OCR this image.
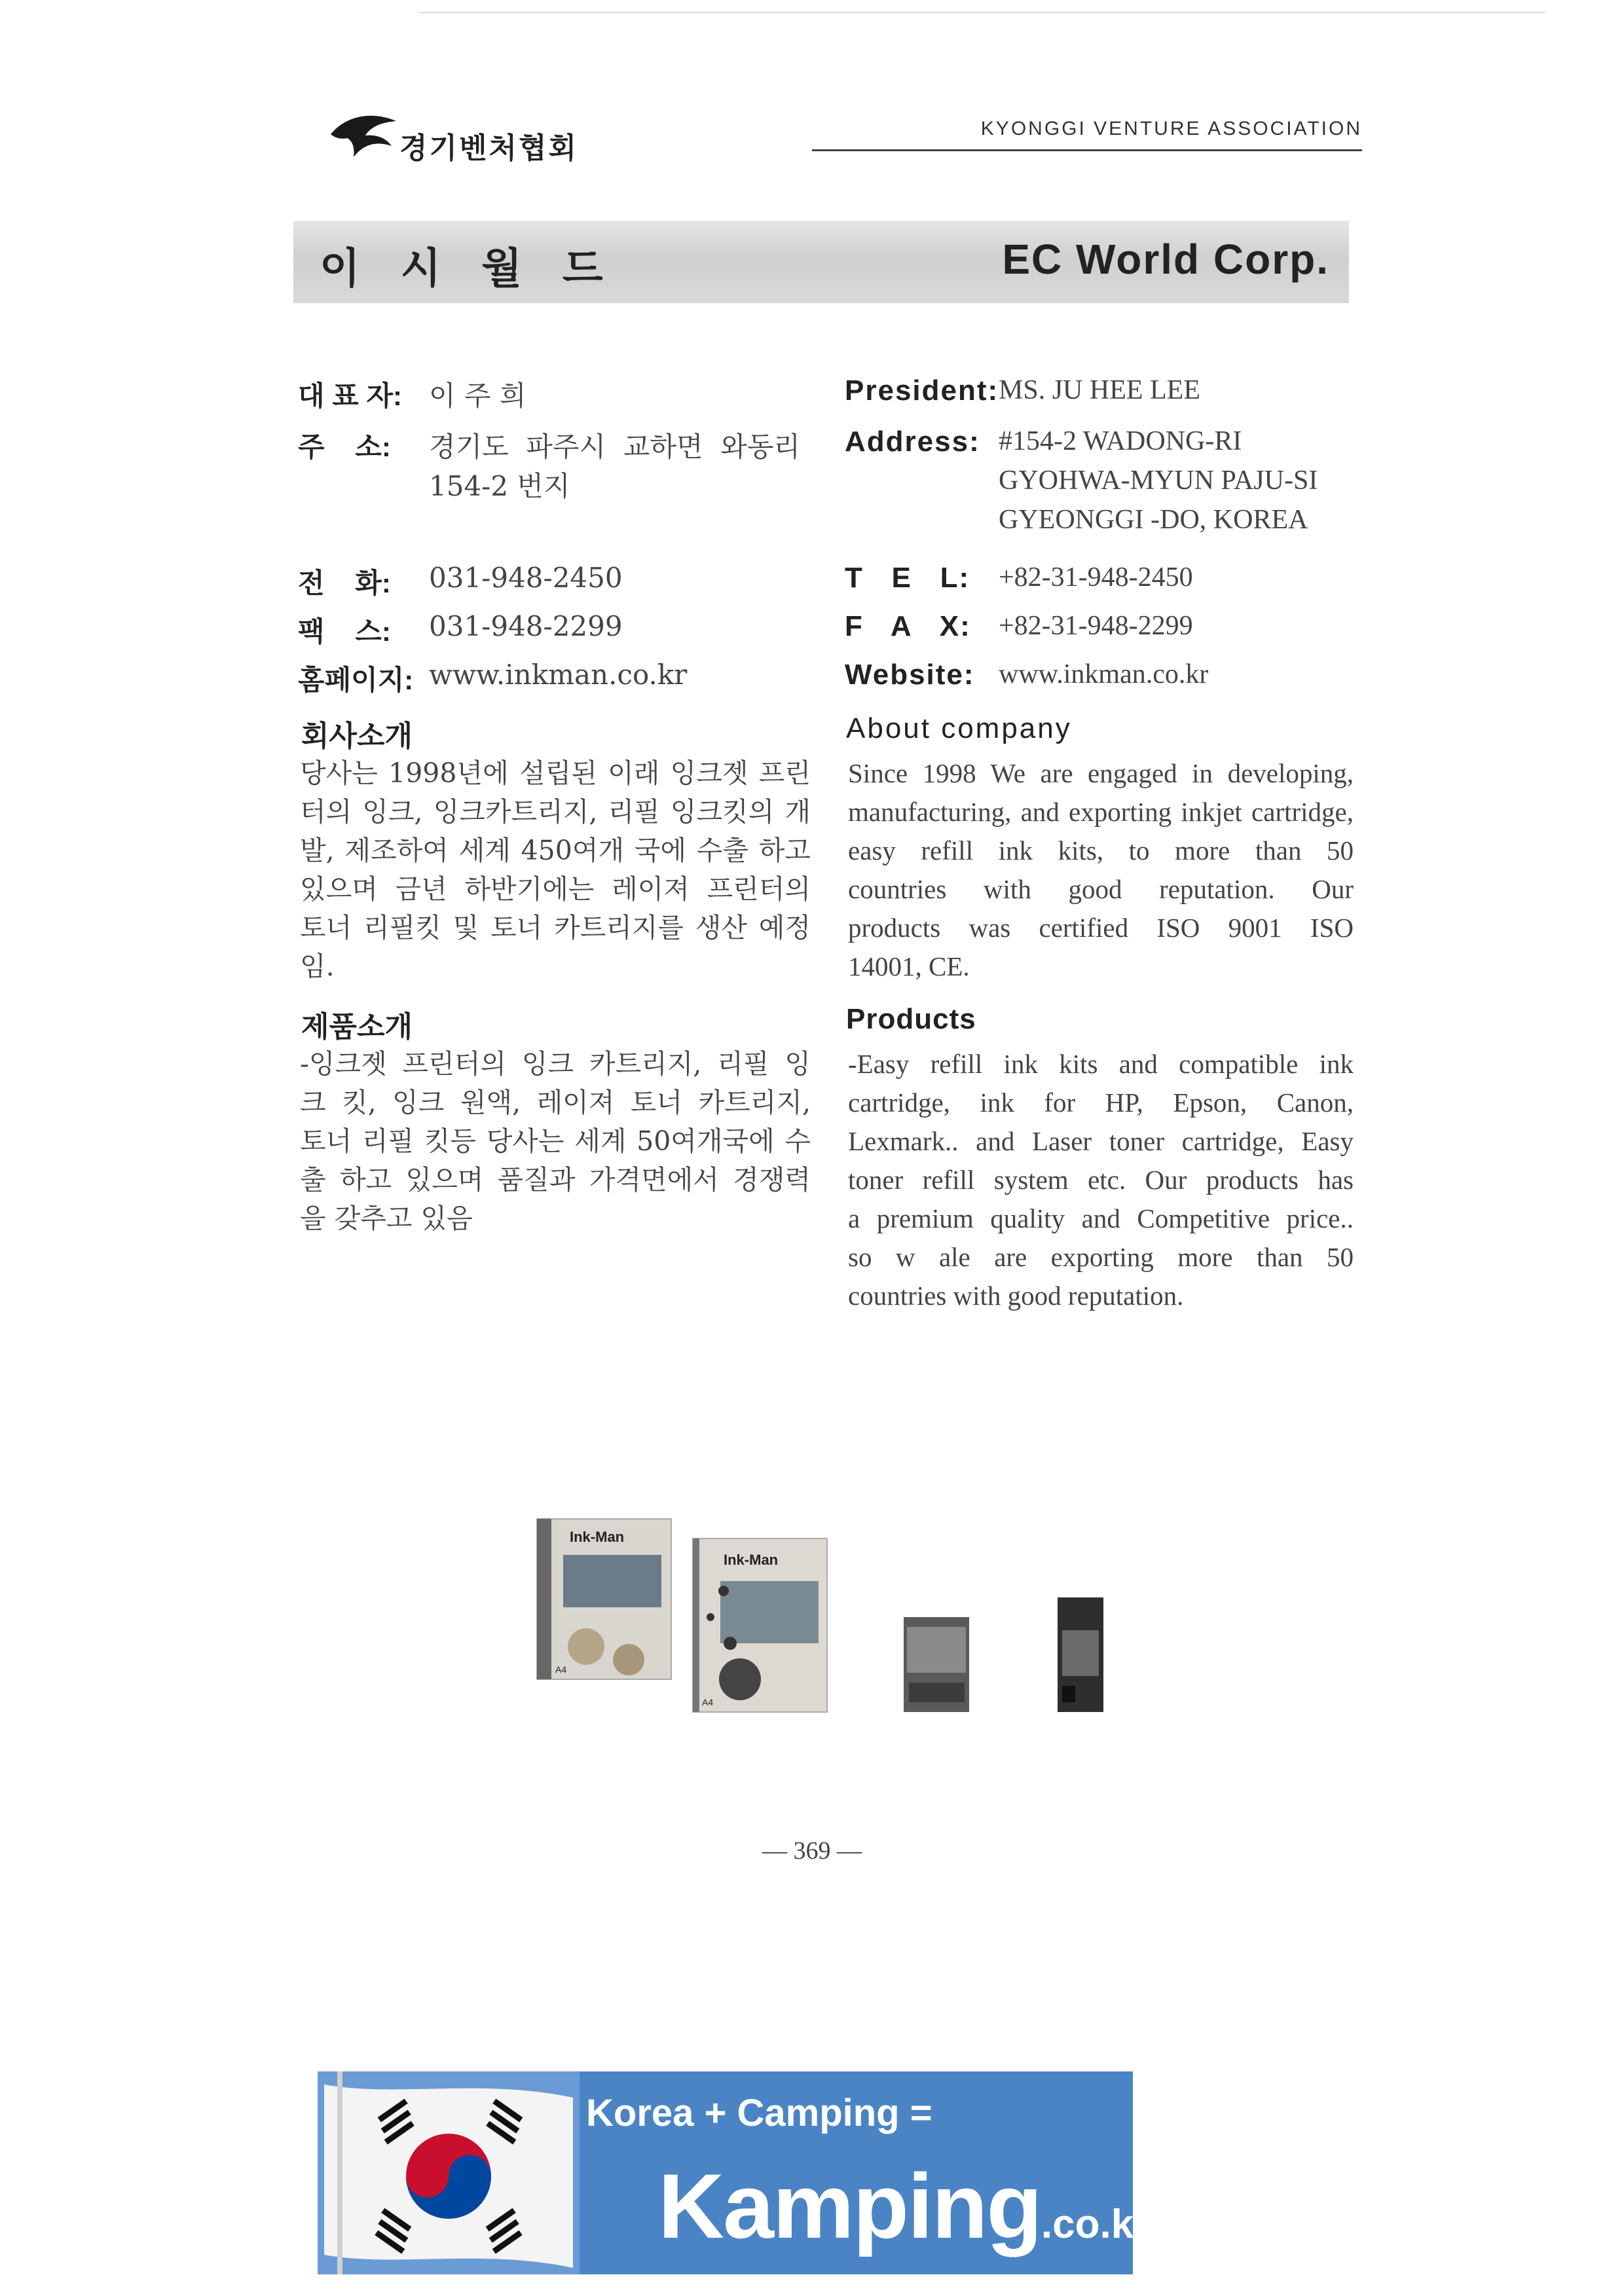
경기벤처협회
KYONGGI VENTURE ASSOCIATION
이 시 월 드	EC World Corp.
대 표 자: 이 주 희
주    소: 경기도  파주시  교하면  와동리
154-2 번지
전    화: 031-948-2450
팩    스: 031-948-2299
홈페이지: www.inkman.co.kr
President: MS. JU HEE LEE
Address: #154-2 WADONG-RI
GYOHWA-MYUN PAJU-SI
GYEONGGI -DO, KOREA
T   E   L: +82-31-948-2450
F   A   X: +82-31-948-2299
Website: www.inkman.co.kr
회사소개
당사는 1998년에 설립된 이래 잉크젯 프린
터의 잉크, 잉크카트리지, 리필 잉크킷의 개
발, 제조하여 세계 450여개 국에 수출 하고
있으며 금년 하반기에는 레이져 프린터의
토너 리필킷 및 토너 카트리지를 생산 예정임.
About company
Since 1998 We are engaged in developing,
manufacturing, and exporting inkjet cartridge,
easy refill ink kits, to more than 50
countries with good reputation. Our
products was certified ISO 9001 ISO
14001, CE.
제품소개
-잉크젯 프린터의 잉크 카트리지, 리필 잉
크 킷, 잉크 원액, 레이져 토너 카트리지,
토너 리필 킷등 당사는 세계 50여개국에 수
출 하고 있으며 품질과 가격면에서 경쟁력
을 갖추고 있음
Products
-Easy refill ink kits and compatible ink
cartridge, ink for HP, Epson, Canon,
Lexmark.. and Laser toner cartridge, Easy
toner refill system etc. Our products has
a premium quality and Competitive price..
so w ale are exporting more than 50
countries with good reputation.
Ink-Man
A4
Ink-Man
A4
— 369 —
Korea + Camping =
Kamping.co.kr
